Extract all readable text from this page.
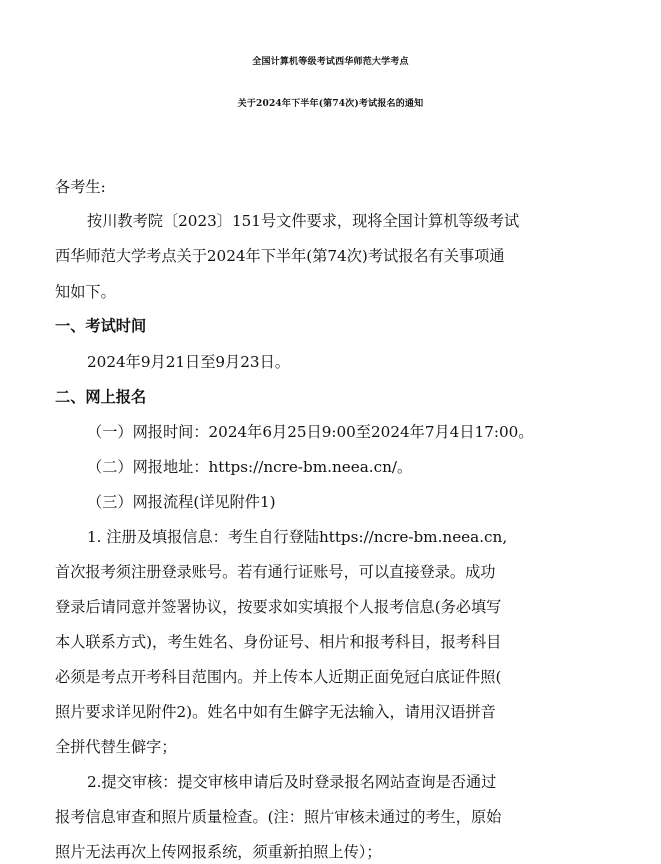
全国计算机等级考试西华师范大学考点
关于2024年下半年(第74次)考试报名的通知
各考生:
按川教考院〔2023〕151号文件要求，现将全国计算机等级考试
西华师范大学考点关于2024年下半年(第74次)考试报名有关事项通
知如下。
一、考试时间
2024年9月21日至9月23日。
二、网上报名
（一）网报时间：2024年6月25日9:00至2024年7月4日17:00。
（二）网报地址：https://ncre-bm.neea.cn/。
（三）网报流程(详见附件1)
1. 注册及填报信息：考生自行登陆https://ncre-bm.neea.cn,
首次报考须注册登录账号。若有通行证账号，可以直接登录。成功
登录后请同意并签署协议，按要求如实填报个人报考信息(务必填写
本人联系方式)，考生姓名、身份证号、相片和报考科目，报考科目
必须是考点开考科目范围内。并上传本人近期正面免冠白底证件照(
照片要求详见附件2)。姓名中如有生僻字无法输入，请用汉语拼音
全拼代替生僻字；
2.提交审核：提交审核申请后及时登录报名网站查询是否通过
报考信息审查和照片质量检查。(注：照片审核未通过的考生，原始
照片无法再次上传网报系统，须重新拍照上传）；
